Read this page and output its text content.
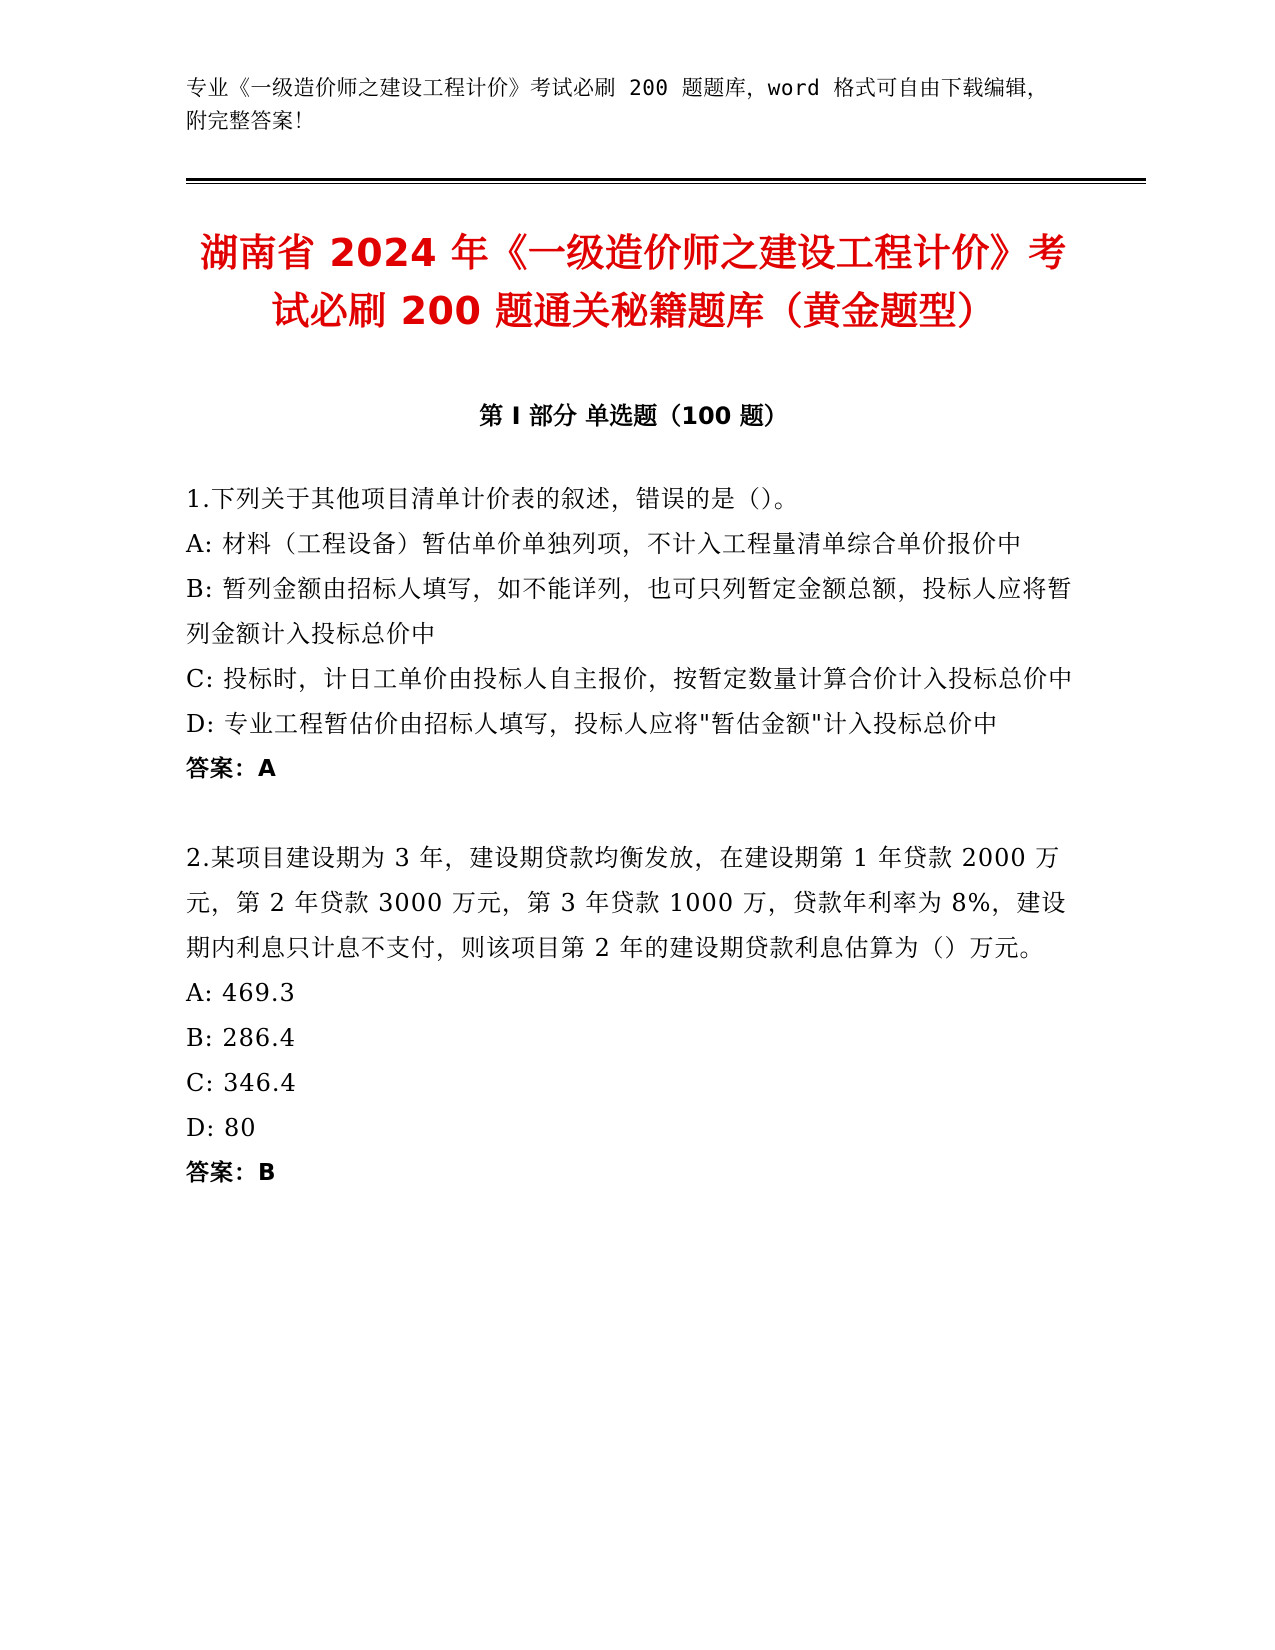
专业《一级造价师之建设工程计价》考试必刷 200 题题库，word 格式可自由下载编辑，附完整答案！
湖南省 2024 年《一级造价师之建设工程计价》考试必刷 200 题通关秘籍题库（黄金题型）
第 I 部分 单选题（100 题）
1.下列关于其他项目清单计价表的叙述，错误的是（）。
A: 材料（工程设备）暂估单价单独列项，不计入工程量清单综合单价报价中
B: 暂列金额由招标人填写，如不能详列，也可只列暂定金额总额，投标人应将暂列金额计入投标总价中
C: 投标时，计日工单价由投标人自主报价，按暂定数量计算合价计入投标总价中
D: 专业工程暂估价由招标人填写，投标人应将"暂估金额"计入投标总价中
答案：A
2.某项目建设期为 3 年，建设期贷款均衡发放，在建设期第 1 年贷款 2000 万元，第 2 年贷款 3000 万元，第 3 年贷款 1000 万，贷款年利率为 8%，建设期内利息只计息不支付，则该项目第 2 年的建设期贷款利息估算为（）万元。
A: 469.3
B: 286.4
C: 346.4
D: 80
答案：B
